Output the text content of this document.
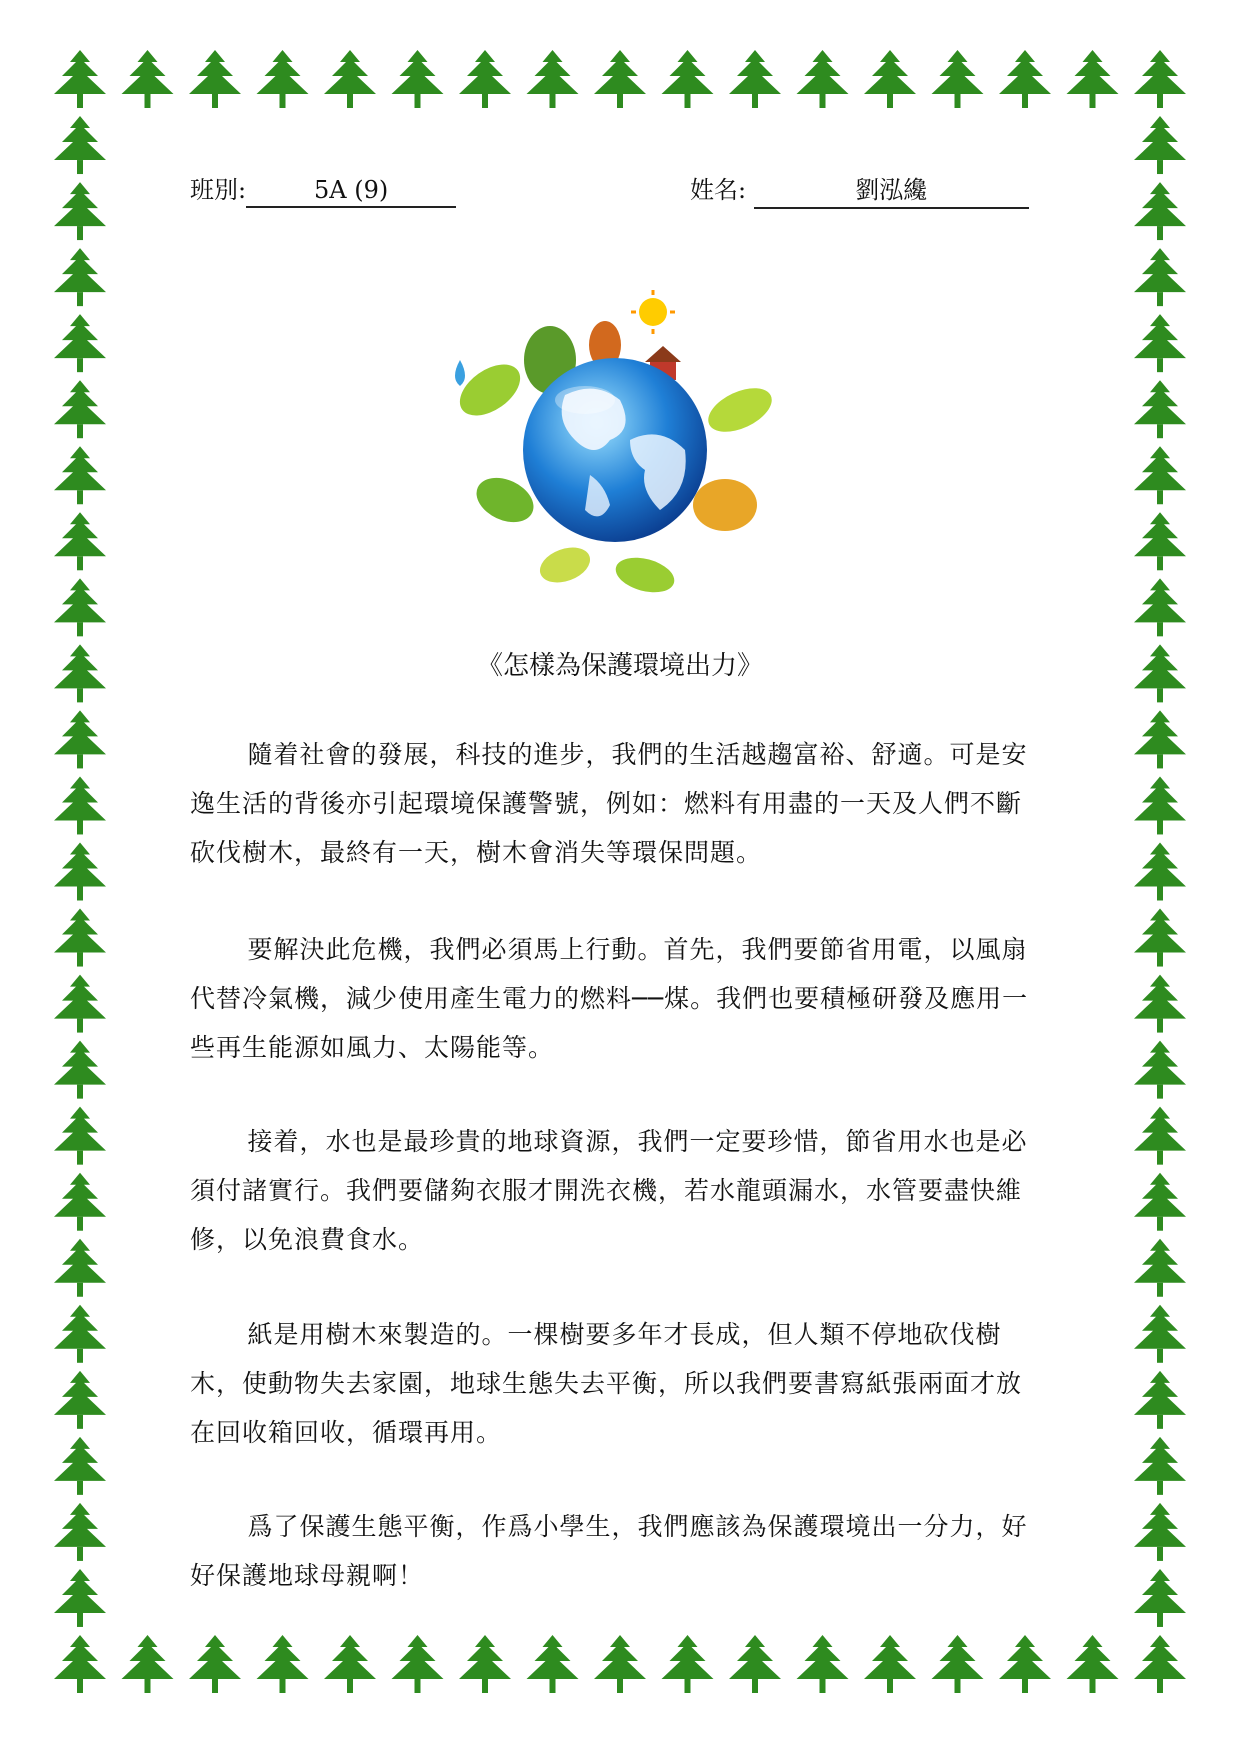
班別:	5A (9)	姓名:	劉泓纔
《怎樣為保護環境出力》

隨着社會的發展，科技的進步，我們的生活越趨富裕、舒適。可是安逸生活的背後亦引起環境保護警號，例如：燃料有用盡的一天及人們不斷砍伐樹木，最終有一天，樹木會消失等環保問題。

要解決此危機，我們必須馬上行動。首先，我們要節省用電，以風扇代替冷氣機，減少使用產生電力的燃料──煤。我們也要積極研發及應用一些再生能源如風力、太陽能等。

接着，水也是最珍貴的地球資源，我們一定要珍惜，節省用水也是必須付諸實行。我們要儲夠衣服才開洗衣機，若水龍頭漏水，水管要盡快維修，以免浪費食水。

紙是用樹木來製造的。一棵樹要多年才長成，但人類不停地砍伐樹木，使動物失去家園，地球生態失去平衡，所以我們要書寫紙張兩面才放在回收箱回收，循環再用。

爲了保護生態平衡，作爲小學生，我們應該為保護環境出一分力，好好保護地球母親啊！
